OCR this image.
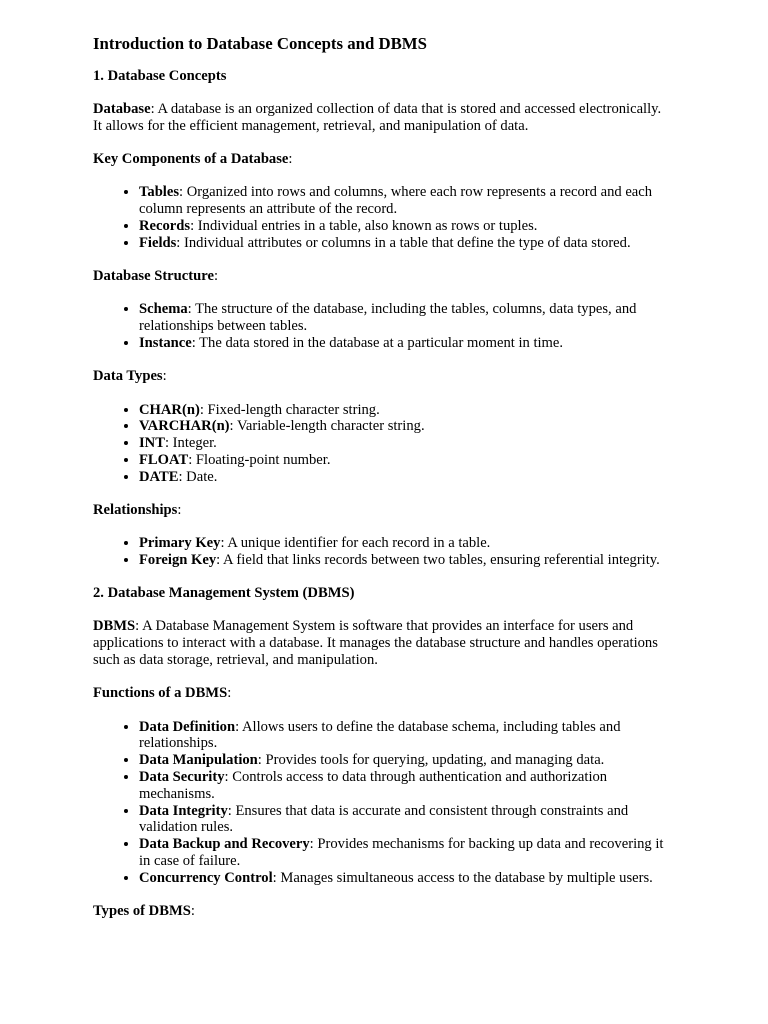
Introduction to Database Concepts and DBMS
1. Database Concepts

Database: A database is an organized collection of data that is stored and accessed electronically. It allows for the efficient management, retrieval, and manipulation of data.

Key Components of a Database:

• Tables: Organized into rows and columns, where each row represents a record and each column represents an attribute of the record.
• Records: Individual entries in a table, also known as rows or tuples.
• Fields: Individual attributes or columns in a table that define the type of data stored.

Database Structure:

• Schema: The structure of the database, including the tables, columns, data types, and relationships between tables.
• Instance: The data stored in the database at a particular moment in time.

Data Types:

• CHAR(n): Fixed-length character string.
• VARCHAR(n): Variable-length character string.
• INT: Integer.
• FLOAT: Floating-point number.
• DATE: Date.

Relationships:

• Primary Key: A unique identifier for each record in a table.
• Foreign Key: A field that links records between two tables, ensuring referential integrity.
2. Database Management System (DBMS)

DBMS: A Database Management System is software that provides an interface for users and applications to interact with a database. It manages the database structure and handles operations such as data storage, retrieval, and manipulation.

Functions of a DBMS:

• Data Definition: Allows users to define the database schema, including tables and relationships.
• Data Manipulation: Provides tools for querying, updating, and managing data.
• Data Security: Controls access to data through authentication and authorization mechanisms.
• Data Integrity: Ensures that data is accurate and consistent through constraints and validation rules.
• Data Backup and Recovery: Provides mechanisms for backing up data and recovering it in case of failure.
• Concurrency Control: Manages simultaneous access to the database by multiple users.

Types of DBMS:
